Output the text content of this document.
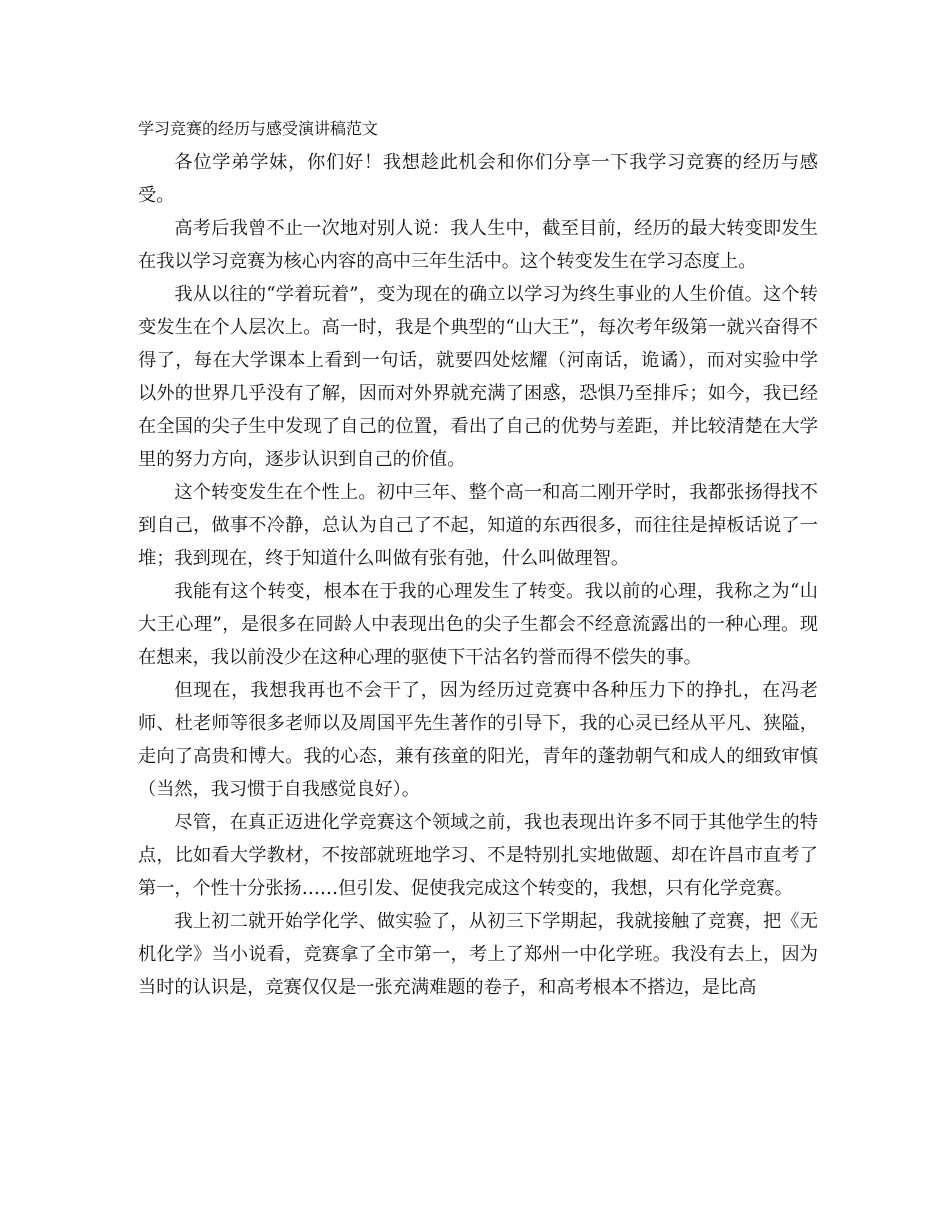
学习竞赛的经历与感受演讲稿范文

各位学弟学妹，你们好！我想趁此机会和你们分享一下我学习竞赛的经历与感受。

高考后我曾不止一次地对别人说：我人生中，截至目前，经历的最大转变即发生在我以学习竞赛为核心内容的高中三年生活中。这个转变发生在学习态度上。

我从以往的“学着玩着”，变为现在的确立以学习为终生事业的人生价值。这个转变发生在个人层次上。高一时，我是个典型的“山大王”，每次考年级第一就兴奋得不得了，每在大学课本上看到一句话，就要四处炫耀（河南话，诡谲），而对实验中学以外的世界几乎没有了解，因而对外界就充满了困惑，恐惧乃至排斥；如今，我已经在全国的尖子生中发现了自己的位置，看出了自己的优势与差距，并比较清楚在大学里的努力方向，逐步认识到自己的价值。

这个转变发生在个性上。初中三年、整个高一和高二刚开学时，我都张扬得找不到自己，做事不冷静，总认为自己了不起，知道的东西很多，而往往是掉板话说了一堆；我到现在，终于知道什么叫做有张有弛，什么叫做理智。

我能有这个转变，根本在于我的心理发生了转变。我以前的心理，我称之为“山大王心理”，是很多在同龄人中表现出色的尖子生都会不经意流露出的一种心理。现在想来，我以前没少在这种心理的驱使下干沽名钓誉而得不偿失的事。

但现在，我想我再也不会干了，因为经历过竞赛中各种压力下的挣扎，在冯老师、杜老师等很多老师以及周国平先生著作的引导下，我的心灵已经从平凡、狭隘，走向了高贵和博大。我的心态，兼有孩童的阳光，青年的蓬勃朝气和成人的细致审慎（当然，我习惯于自我感觉良好）。

尽管，在真正迈进化学竞赛这个领域之前，我也表现出许多不同于其他学生的特点，比如看大学教材，不按部就班地学习、不是特别扎实地做题、却在许昌市直考了第一，个性十分张扬……但引发、促使我完成这个转变的，我想，只有化学竞赛。

我上初二就开始学化学、做实验了，从初三下学期起，我就接触了竞赛，把《无机化学》当小说看，竞赛拿了全市第一，考上了郑州一中化学班。我没有去上，因为当时的认识是，竞赛仅仅是一张充满难题的卷子，和高考根本不搭边，是比高
